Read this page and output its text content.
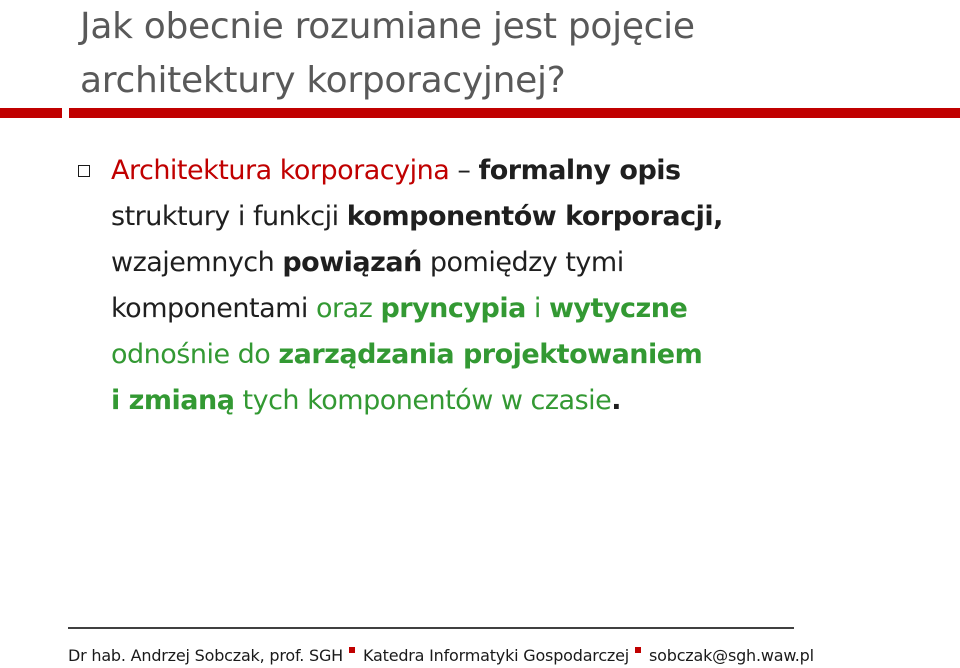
Jak obecnie rozumiane jest pojęcie
architektury korporacyjnej?
Architektura korporacyjna – formalny opis
struktury i funkcji komponentów korporacji,
wzajemnych powiązań pomiędzy tymi
komponentami oraz pryncypia i wytyczne
odnośnie do zarządzania projektowaniem
i zmianą tych komponentów w czasie.
Dr hab. Andrzej Sobczak, prof. SGH Katedra Informatyki Gospodarczej sobczak@sgh.waw.pl
